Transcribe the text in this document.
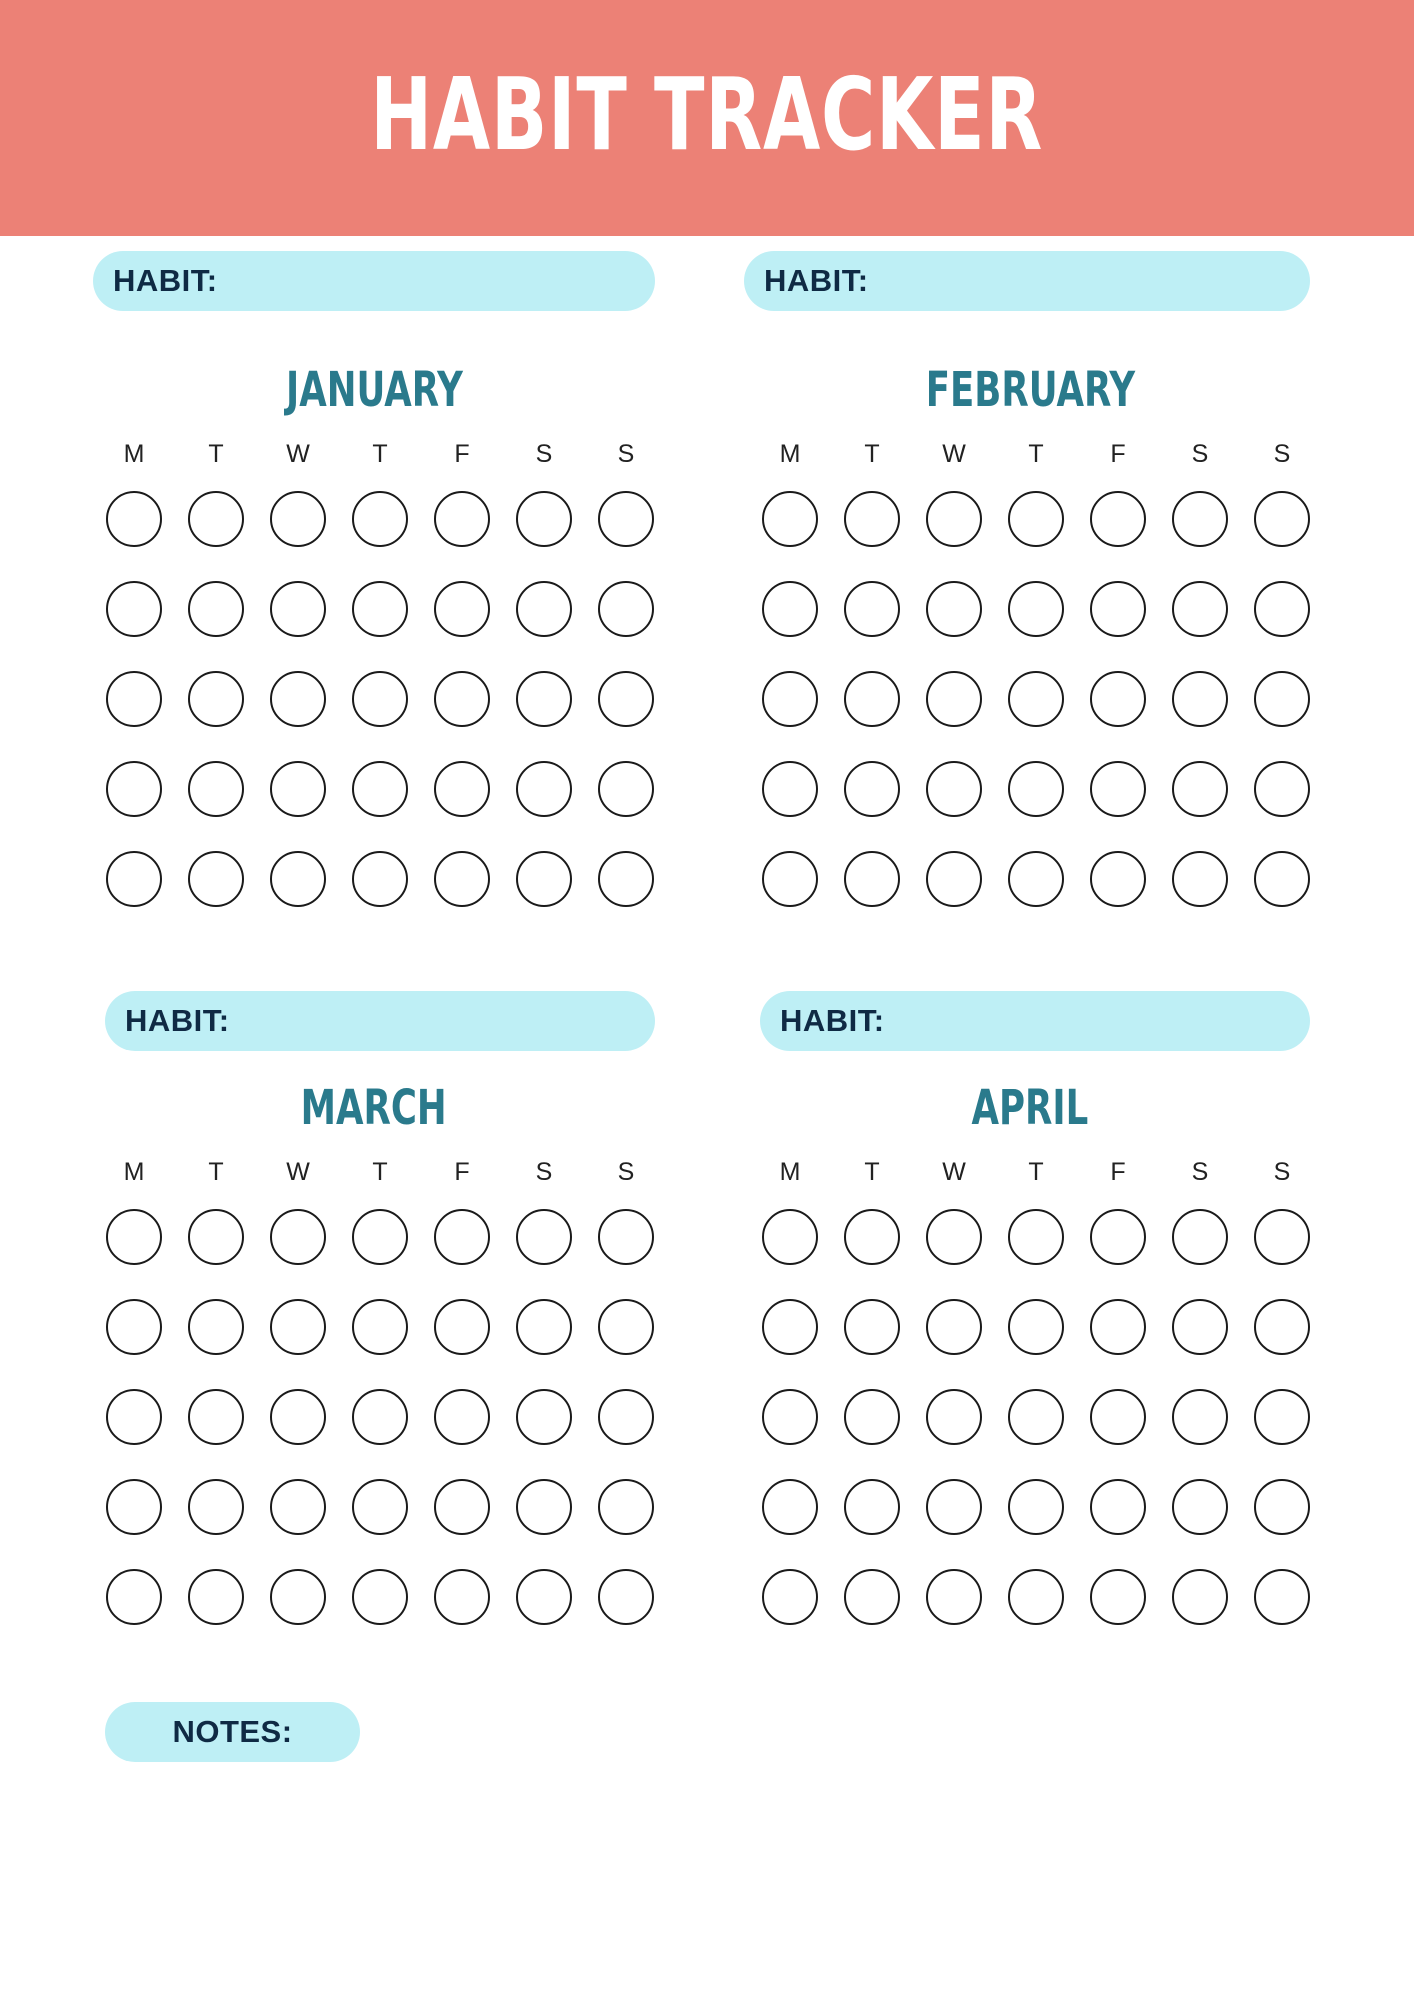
HABIT TRACKER
HABIT:	HABIT:
HABIT:	HABIT:
JANUARY
M	T	W	T	F	S	S
FEBRUARY
M	T	W	T	F	S	S
MARCH
M	T	W	T	F	S	S
APRIL
M	T	W	T	F	S	S
NOTES:
